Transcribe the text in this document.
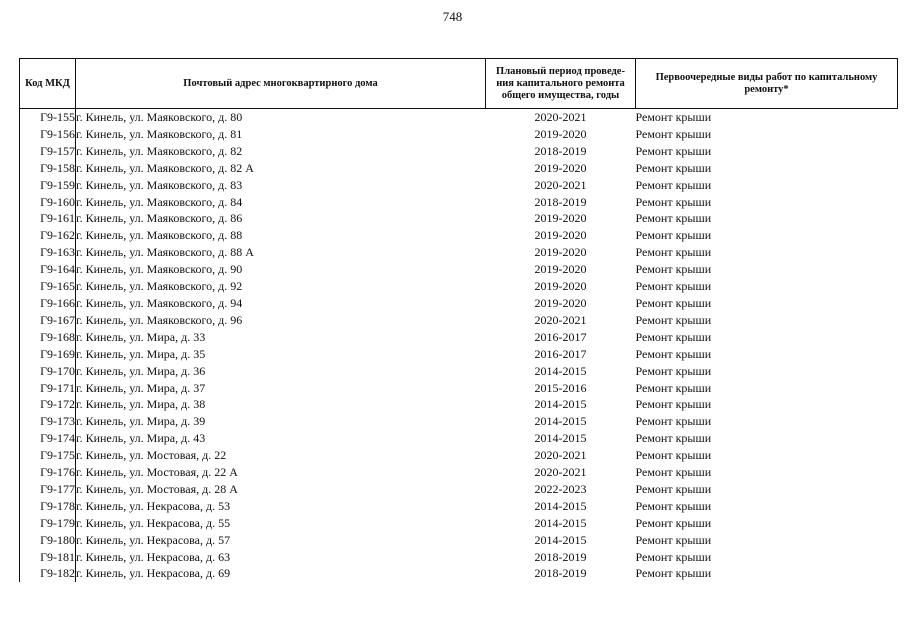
748
Код МКД	Почтовый адрес многоквартирного дома	Плановый период проведе-ния капитального ремонта общего имущества, годы	Первоочередные виды работ по капитальному ремонту*
Г9-155	г. Кинель, ул. Маяковского, д. 80	2020-2021	Ремонт крыши
Г9-156	г. Кинель, ул. Маяковского, д. 81	2019-2020	Ремонт крыши
Г9-157	г. Кинель, ул. Маяковского, д. 82	2018-2019	Ремонт крыши
Г9-158	г. Кинель, ул. Маяковского, д. 82 А	2019-2020	Ремонт крыши
Г9-159	г. Кинель, ул. Маяковского, д. 83	2020-2021	Ремонт крыши
Г9-160	г. Кинель, ул. Маяковского, д. 84	2018-2019	Ремонт крыши
Г9-161	г. Кинель, ул. Маяковского, д. 86	2019-2020	Ремонт крыши
Г9-162	г. Кинель, ул. Маяковского, д. 88	2019-2020	Ремонт крыши
Г9-163	г. Кинель, ул. Маяковского, д. 88 А	2019-2020	Ремонт крыши
Г9-164	г. Кинель, ул. Маяковского, д. 90	2019-2020	Ремонт крыши
Г9-165	г. Кинель, ул. Маяковского, д. 92	2019-2020	Ремонт крыши
Г9-166	г. Кинель, ул. Маяковского, д. 94	2019-2020	Ремонт крыши
Г9-167	г. Кинель, ул. Маяковского, д. 96	2020-2021	Ремонт крыши
Г9-168	г. Кинель, ул. Мира, д. 33	2016-2017	Ремонт крыши
Г9-169	г. Кинель, ул. Мира, д. 35	2016-2017	Ремонт крыши
Г9-170	г. Кинель, ул. Мира, д. 36	2014-2015	Ремонт крыши
Г9-171	г. Кинель, ул. Мира, д. 37	2015-2016	Ремонт крыши
Г9-172	г. Кинель, ул. Мира, д. 38	2014-2015	Ремонт крыши
Г9-173	г. Кинель, ул. Мира, д. 39	2014-2015	Ремонт крыши
Г9-174	г. Кинель, ул. Мира, д. 43	2014-2015	Ремонт крыши
Г9-175	г. Кинель, ул. Мостовая, д. 22	2020-2021	Ремонт крыши
Г9-176	г. Кинель, ул. Мостовая, д. 22 А	2020-2021	Ремонт крыши
Г9-177	г. Кинель, ул. Мостовая, д. 28 А	2022-2023	Ремонт крыши
Г9-178	г. Кинель, ул. Некрасова, д. 53	2014-2015	Ремонт крыши
Г9-179	г. Кинель, ул. Некрасова, д. 55	2014-2015	Ремонт крыши
Г9-180	г. Кинель, ул. Некрасова, д. 57	2014-2015	Ремонт крыши
Г9-181	г. Кинель, ул. Некрасова, д. 63	2018-2019	Ремонт крыши
Г9-182	г. Кинель, ул. Некрасова, д. 69	2018-2019	Ремонт крыши
